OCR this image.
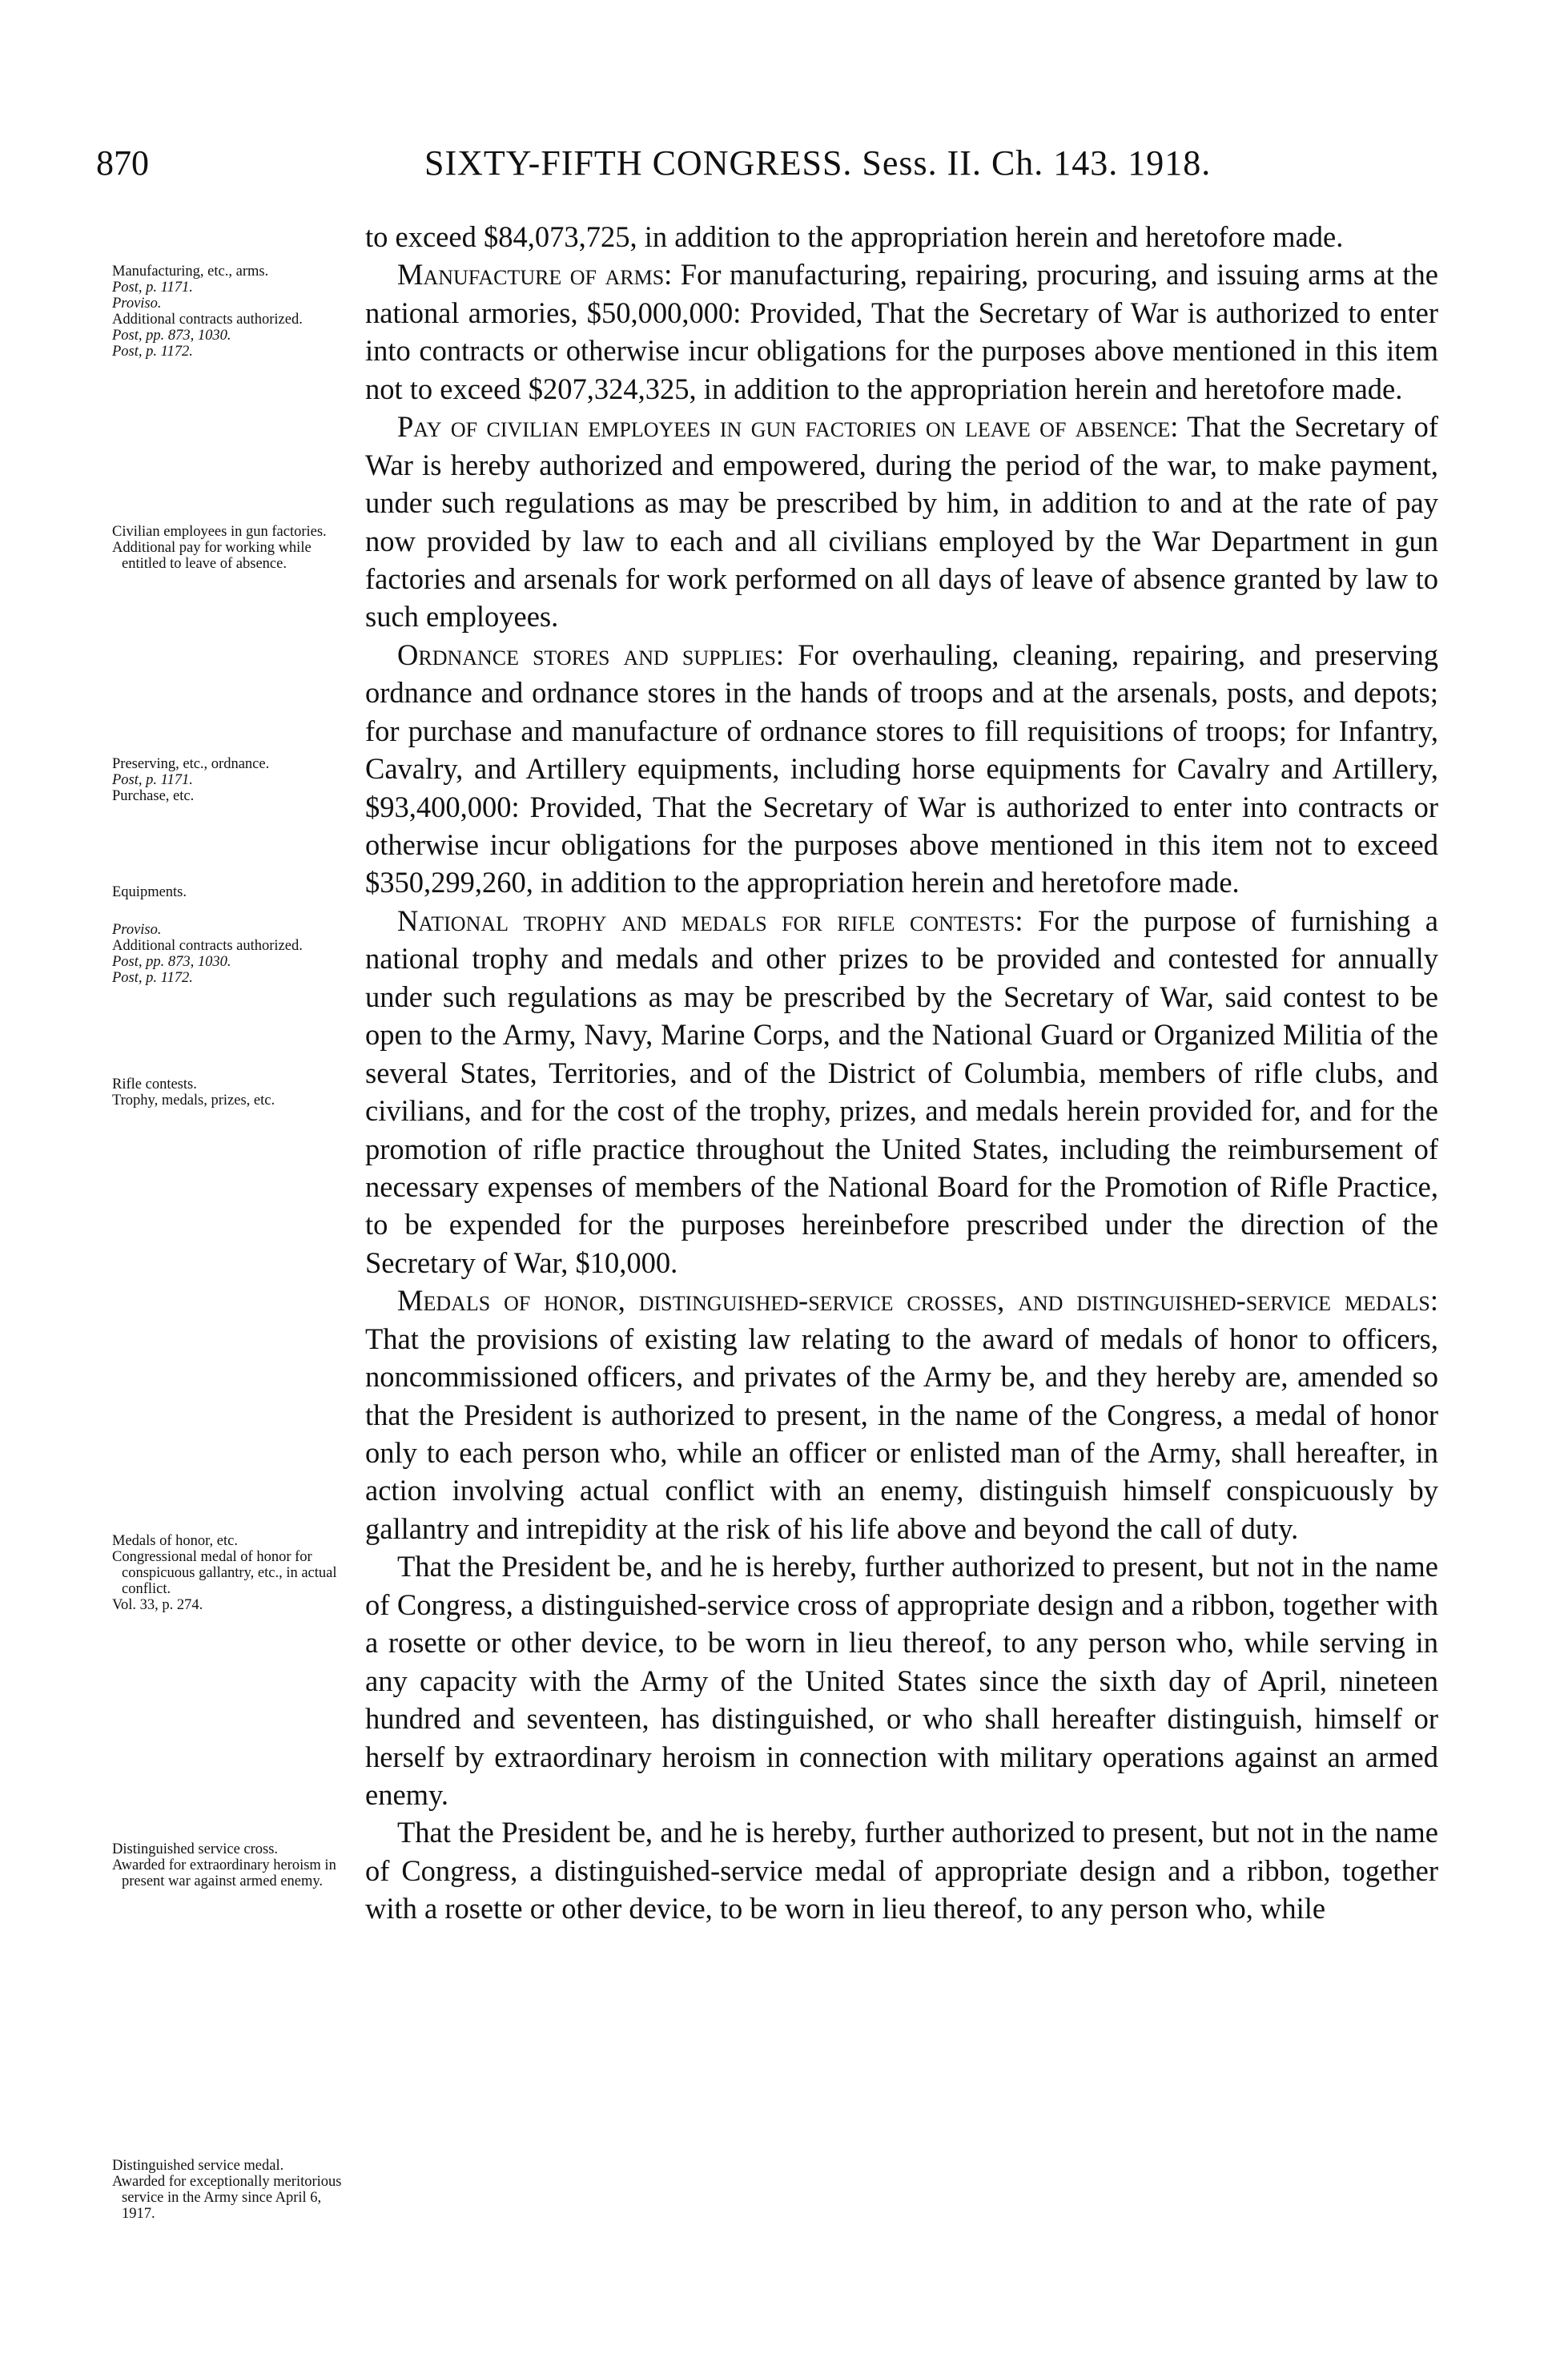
870	SIXTY-FIFTH CONGRESS. Sess. II. Ch. 143. 1918.
Manufacturing, etc., arms.
Post, p. 1171.
Proviso.
Additional contracts authorized.
Post, pp. 873, 1030.
Post, p. 1172.
Civilian employees in gun factories.
Additional pay for working while entitled to leave of absence.
Preserving, etc., ordnance.
Post, p. 1171.
Purchase, etc.
Equipments.
Proviso.
Additional contracts authorized.
Post, pp. 873, 1030.
Post, p. 1172.
Rifle contests.
Trophy, medals, prizes, etc.
Medals of honor, etc.
Congressional medal of honor for conspicuous gallantry, etc., in actual conflict.
Vol. 33, p. 274.
Distinguished service cross.
Awarded for extraordinary heroism in present war against armed enemy.
Distinguished service medal.
Awarded for exceptionally meritorious service in the Army since April 6, 1917.

to exceed $84,073,725, in addition to the appropriation herein and heretofore made.

Manufacture of arms: For manufacturing, repairing, procuring, and issuing arms at the national armories, $50,000,000: Provided, That the Secretary of War is authorized to enter into contracts or otherwise incur obligations for the purposes above mentioned in this item not to exceed $207,324,325, in addition to the appropriation herein and heretofore made.

Pay of civilian employees in gun factories on leave of absence: That the Secretary of War is hereby authorized and empowered, during the period of the war, to make payment, under such regulations as may be prescribed by him, in addition to and at the rate of pay now provided by law to each and all civilians employed by the War Department in gun factories and arsenals for work performed on all days of leave of absence granted by law to such employees.

Ordnance stores and supplies: For overhauling, cleaning, repairing, and preserving ordnance and ordnance stores in the hands of troops and at the arsenals, posts, and depots; for purchase and manufacture of ordnance stores to fill requisitions of troops; for Infantry, Cavalry, and Artillery equipments, including horse equipments for Cavalry and Artillery, $93,400,000: Provided, That the Secretary of War is authorized to enter into contracts or otherwise incur obligations for the purposes above mentioned in this item not to exceed $350,299,260, in addition to the appropriation herein and heretofore made.

National trophy and medals for rifle contests: For the purpose of furnishing a national trophy and medals and other prizes to be provided and contested for annually under such regulations as may be prescribed by the Secretary of War, said contest to be open to the Army, Navy, Marine Corps, and the National Guard or Organized Militia of the several States, Territories, and of the District of Columbia, members of rifle clubs, and civilians, and for the cost of the trophy, prizes, and medals herein provided for, and for the promotion of rifle practice throughout the United States, including the reimbursement of necessary expenses of members of the National Board for the Promotion of Rifle Practice, to be expended for the purposes hereinbefore prescribed under the direction of the Secretary of War, $10,000.

Medals of honor, distinguished-service crosses, and distinguished-service medals: That the provisions of existing law relating to the award of medals of honor to officers, noncommissioned officers, and privates of the Army be, and they hereby are, amended so that the President is authorized to present, in the name of the Congress, a medal of honor only to each person who, while an officer or enlisted man of the Army, shall hereafter, in action involving actual conflict with an enemy, distinguish himself conspicuously by gallantry and intrepidity at the risk of his life above and beyond the call of duty.

That the President be, and he is hereby, further authorized to present, but not in the name of Congress, a distinguished-service cross of appropriate design and a ribbon, together with a rosette or other device, to be worn in lieu thereof, to any person who, while serving in any capacity with the Army of the United States since the sixth day of April, nineteen hundred and seventeen, has distinguished, or who shall hereafter distinguish, himself or herself by extraordinary heroism in connection with military operations against an armed enemy.

That the President be, and he is hereby, further authorized to present, but not in the name of Congress, a distinguished-service medal of appropriate design and a ribbon, together with a rosette or other device, to be worn in lieu thereof, to any person who, while
